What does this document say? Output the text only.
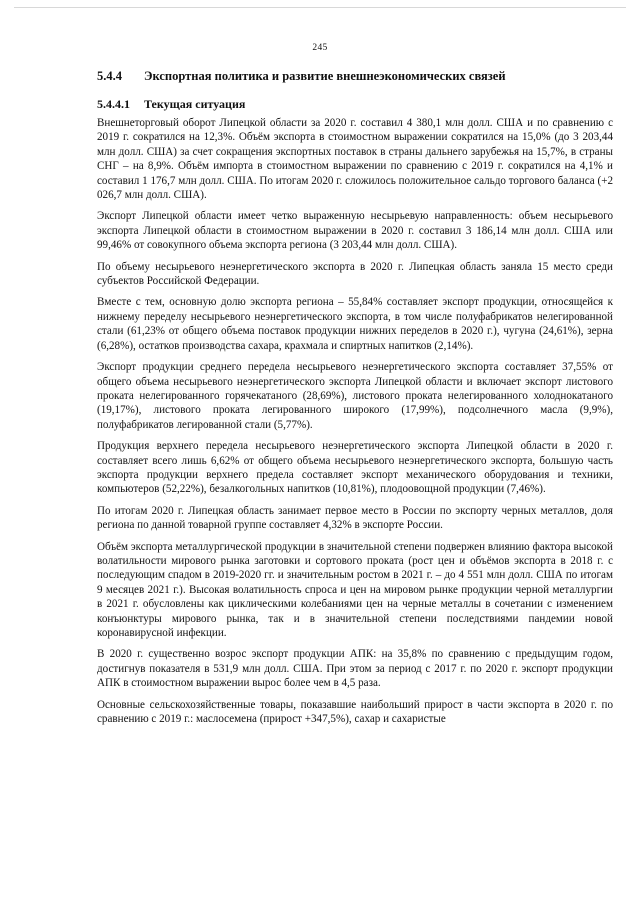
245
5.4.4	Экспортная политика и развитие внешнеэкономических связей
5.4.4.1	Текущая ситуация

Внешнеторговый оборот Липецкой области за 2020 г. составил 4 380,1 млн долл. США и по сравнению с 2019 г. сократился на 12,3%. Объём экспорта в стоимостном выражении сократился на 15,0% (до 3 203,44 млн долл. США) за счет сокращения экспортных поставок в страны дальнего зарубежья на 15,7%, в страны СНГ – на 8,9%. Объём импорта в стоимостном выражении по сравнению с 2019 г. сократился на 4,1% и составил 1 176,7 млн долл. США. По итогам 2020 г. сложилось положительное сальдо торгового баланса (+2 026,7 млн долл. США).

Экспорт Липецкой области имеет четко выраженную несырьевую направленность: объем несырьевого экспорта Липецкой области в стоимостном выражении в 2020 г. составил 3 186,14 млн долл. США или 99,46% от совокупного объема экспорта региона (3 203,44 млн долл. США).

По объему несырьевого неэнергетического экспорта в 2020 г. Липецкая область заняла 15 место среди субъектов Российской Федерации.

Вместе с тем, основную долю экспорта региона – 55,84% составляет экспорт продукции, относящейся к нижнему переделу несырьевого неэнергетического экспорта, в том числе полуфабрикатов нелегированной стали (61,23% от общего объема поставок продукции нижних переделов в 2020 г.), чугуна (24,61%), зерна (6,28%), остатков производства сахара, крахмала и спиртных напитков (2,14%).

Экспорт продукции среднего передела несырьевого неэнергетического экспорта составляет 37,55% от общего объема несырьевого неэнергетического экспорта Липецкой области и включает экспорт листового проката нелегированного горячекатаного (28,69%), листового проката нелегированного холоднокатаного (19,17%), листового проката легированного широкого (17,99%), подсолнечного масла (9,9%), полуфабрикатов легированной стали (5,77%).

Продукция верхнего передела несырьевого неэнергетического экспорта Липецкой области в 2020 г. составляет всего лишь 6,62% от общего объема несырьевого неэнергетического экспорта, большую часть экспорта продукции верхнего предела составляет экспорт механического оборудования и техники, компьютеров (52,22%), безалкогольных напитков (10,81%), плодоовощной продукции (7,46%).

По итогам 2020 г. Липецкая область занимает первое место в России по экспорту черных металлов, доля региона по данной товарной группе составляет 4,32% в экспорте России.

Объём экспорта металлургической продукции в значительной степени подвержен влиянию фактора высокой волатильности мирового рынка заготовки и сортового проката (рост цен и объёмов экспорта в 2018 г. с последующим спадом в 2019-2020 гг. и значительным ростом в 2021 г. – до 4 551 млн долл. США по итогам 9 месяцев 2021 г.). Высокая волатильность спроса и цен на мировом рынке продукции черной металлургии в 2021 г. обусловлены как циклическими колебаниями цен на черные металлы в сочетании с изменением конъюнктуры мирового рынка, так и в значительной степени последствиями пандемии новой коронавирусной инфекции.

В 2020 г. существенно возрос экспорт продукции АПК: на 35,8% по сравнению с предыдущим годом, достигнув показателя в 531,9 млн долл. США. При этом за период с 2017 г. по 2020 г. экспорт продукции АПК в стоимостном выражении вырос более чем в 4,5 раза.

Основные сельскохозяйственные товары, показавшие наибольший прирост в части экспорта в 2020 г. по сравнению с 2019 г.: маслосемена (прирост +347,5%), сахар и сахаристые
